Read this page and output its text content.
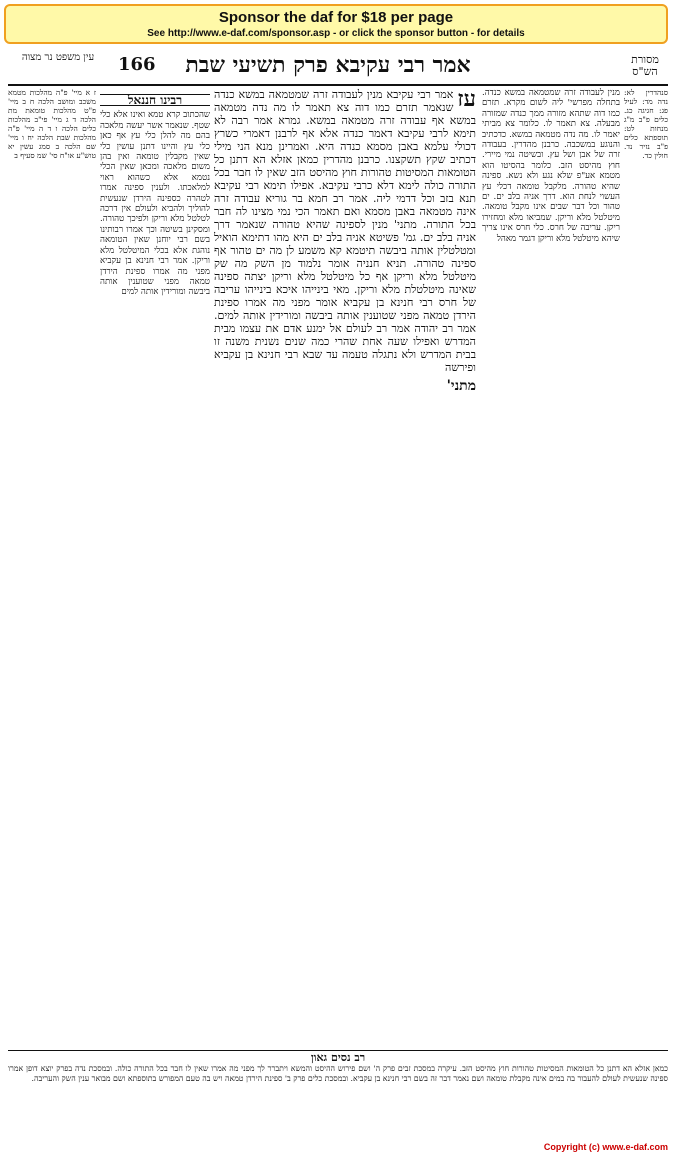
Sponsor the daf for $18 per page
See http://www.e-daf.com/sponsor.asp - or click the sponsor button - for details
מסורת הש"ס
אמר רבי עקיבא פרק תשיעי שבת
166
עין משפט נר מצוה
סנהדרין לא: נדה מד: לעיל פג: חגיגה כג. כלים פ"ב מ"ג מנחות לט: תוספתא כלים פ"ב נזיר נד. חולין כד.
מנין לעבודה זרה שמטמאה במשא כנדה. בתחלה מפרשי' ליה לשום מקרא. תזרם כמו דוה שתהא מזורה ממך כנדה שמזורה מבעלה. צא תאמר לו. כלומר צא מביתי יאמר לו. מה נדה מטמאה במשא. כדכתיב והנוגע במשכבה. כרבנן מהדרין. בעבודה זרה של אבן ושל עץ. ובשיטה נמי מיירי. חוץ מהיסט הזב. כלומר בהסיטו הוא מטמא אע"פ שלא נגע ולא נשא. ספינה שהיא טהורה. מלקבל טומאה דכלי עץ העשוי לנחת הוא. דרך אניה בלב ים. ים טהור וכל דבר שבים אינו מקבל טומאה. מיטלטל מלא וריקן. שמביאו מלא ומחזירו ריקן. עריבה של חרס. כלי חרס אינו צריך שיהא מיטלטל מלא וריקן דגמר מאהל
עז
אמר רבי עקיבא מנין לעבודה זרה שמטמאה במשא כנדה שנאמר תזרם כמו דוה צא תאמר לו מה נדה מטמאה במשא אף עבודה זרה מטמאה במשא. גמרא אמר רבה לא תימא לרבי עקיבא דאמר כנדה אלא אף לרבנן דאמרי כשרץ דכולי עלמא באבן מסמא כנדה היא. ואמרינן מנא הני מילי דכתיב שקץ תשקצנו. כרבנן מהדרין כמאן אזלא הא דתנן כל הטומאות המסיטות טהורות חוץ מהיסט הזב שאין לו חבר בכל התורה כולה לימא דלא כרבי עקיבא. אפילו תימא רבי עקיבא תנא בזב וכל דדמי ליה. אמר רב חמא בר גוריא עבודה זרה אינה מטמאה באבן מסמא ואם תאמר הכי נמי מצינו לה חבר בכל התורה. מתני' מנין לספינה שהיא טהורה שנאמר דרך אניה בלב ים. גמ' פשיטא אניה בלב ים היא מהו דתימא הואיל ומטלטלין אותה ביבשה תיטמא קא משמע לן מה ים טהור אף ספינה טהורה. תניא חנניה אומר נלמוד מן השק מה שק מיטלטל מלא וריקן אף כל מיטלטל מלא וריקן יצתה ספינה שאינה מיטלטלת מלא וריקן. מאי בינייהו איכא בינייהו עריבה של חרס רבי חנינא בן עקביא אומר מפני מה אמרו ספינת הירדן טמאה מפני שטוענין אותה ביבשה ומורידין אותה למים. אמר רב יהודה אמר רב לעולם אל ימנע אדם את עצמו מבית המדרש ואפילו שעה אחת שהרי כמה שנים נשנית משנה זו בבית המדרש ולא נתגלה טעמה עד שבא רבי חנינא בן עקביא ופירשה
מתני'
רבינו חננאל
שהכתוב קרא טמא ואינו אלא כלי שטף. שנאמר אשר יעשה מלאכה בהם מה להלן כלי עץ אף כאן כלי עץ והיינו דתנן עושין כלי שאין מקבלין טומאה ואין בהן משום מלאכה ומכאן שאין הכלי נטמא אלא כשהוא ראוי למלאכתו. ולענין ספינה אמרו לטהרה כספינה הירדן שנעשית להוליך ולהביא ולעולם אין דרכה לטלטל מלא וריקן ולפיכך טהורה. ומסקינן בשיטה וכך אמרו רבותינו בשם רבי יוחנן שאין הטומאה נוהגת אלא בכלי המיטלטל מלא וריקן. אמר רבי חנינא בן עקביא מפני מה אמרו ספינת הירדן טמאה מפני שטוענין אותה ביבשה ומורידין אותה למים
ז א מיי' פ"ה מהלכות מטמא משכב ומושב הלכה ח ב מיי' פ"ט מהלכות טומאת מת הלכה ד ג מיי' פי"ב מהלכות כלים הלכה ו ד ה מיי' פ"ה מהלכות שבת הלכה יח ו מיי' שם הלכה ב סמג עשין יא טוש"ע או"ח סי' שמ סעיף ב
רב נסים גאון
כמאן אזלא הא דתנן כל הטומאות המסיטות טהורות חוץ מהיסט הזב. עיקרה במסכת זבים פרק ה' ושם פירוש ההיסט והמשא ויתברר לך מפני מה אמרו שאין לו חבר בכל התורה כולה. ובמסכת נדה בפרק יוצא דופן אמרו ספינה שנעשית לעולם להעבור בה במים אינה מקבלת טומאה ושם נאמר דבר זה בשם רבי חנינא בן עקביא. ובמסכת כלים פרק ב' ספינת הירדן טמאה ויש בה טעם המפורש בתוספתא ושם מבואר ענין השק והעריבה.
Copyright (c) www.e-daf.com
